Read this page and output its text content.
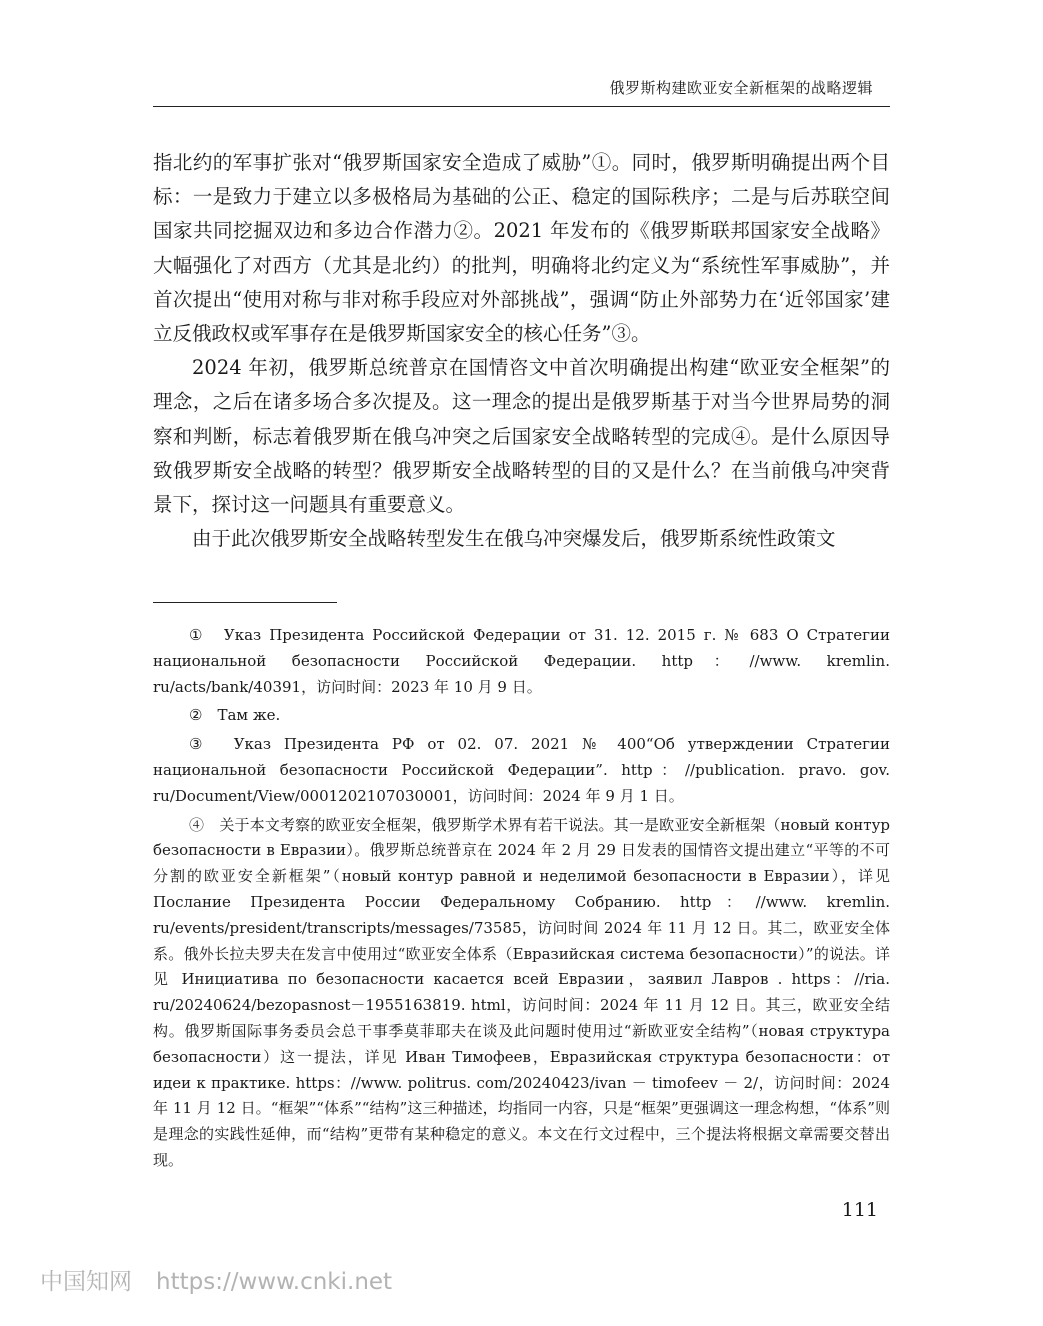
俄罗斯构建欧亚安全新框架的战略逻辑

指北约的军事扩张对“俄罗斯国家安全造成了威胁”①。同时，俄罗斯明确提出两个目标：一是致力于建立以多极格局为基础的公正、稳定的国际秩序；二是与后苏联空间国家共同挖掘双边和多边合作潜力②。2021 年发布的《俄罗斯联邦国家安全战略》大幅强化了对西方（尤其是北约）的批判，明确将北约定义为“系统性军事威胁”，并首次提出“使用对称与非对称手段应对外部挑战”，强调“防止外部势力在‘近邻国家’建立反俄政权或军事存在是俄罗斯国家安全的核心任务”③。

2024 年初，俄罗斯总统普京在国情咨文中首次明确提出构建“欧亚安全框架”的理念，之后在诸多场合多次提及。这一理念的提出是俄罗斯基于对当今世界局势的洞察和判断，标志着俄罗斯在俄乌冲突之后国家安全战略转型的完成④。是什么原因导致俄罗斯安全战略的转型？俄罗斯安全战略转型的目的又是什么？在当前俄乌冲突背景下，探讨这一问题具有重要意义。

由于此次俄罗斯安全战略转型发生在俄乌冲突爆发后，俄罗斯系统性政策文

①　Указ Президента Российской Федерации от 31. 12. 2015 г. № 683 О Стратегии национальной безопасности Российской Федерации. http：//www. kremlin. ru/acts/bank/40391，访问时间：2023 年 10 月 9 日。

②　Там же.

③　Указ Президента РФ от 02. 07. 2021 № 400“Об утверждении Стратегии национальной безопасности Российской Федерации”. http：//publication. pravo. gov. ru/Document/View/0001202107030001，访问时间：2024 年 9 月 1 日。

④　关于本文考察的欧亚安全框架，俄罗斯学术界有若干说法。其一是欧亚安全新框架（новый контур безопасности в Евразии）。俄罗斯总统普京在 2024 年 2 月 29 日发表的国情咨文提出建立“平等的不可分割的欧亚安全新框架”（новый контур равной и неделимой безопасности в Евразии），详见 Послание Президента России Федеральному Собранию. http：//www. kremlin. ru/events/president/transcripts/messages/73585，访问时间 2024 年 11 月 12 日。其二，欧亚安全体系。俄外长拉夫罗夫在发言中使用过“欧亚安全体系（Евразийская система безопасности）”的说法。详见 Инициатива по безопасности касается всей Евразии，заявил Лавров . https：//ria. ru/20240624/bezopasnost－1955163819. html，访问时间：2024 年 11 月 12 日。其三，欧亚安全结构。俄罗斯国际事务委员会总干事季莫菲耶夫在谈及此问题时使用过“新欧亚安全结构”（новая структура безопасности）这一提法，详见 Иван Тимофеев，Евразийская структура безопасности：от идеи к практике. https：//www. politrus. com/20240423/ivan － timofeev － 2/，访问时间：2024 年 11 月 12 日。“框架”“体系”“结构”这三种描述，均指同一内容，只是“框架”更强调这一理念构想，“体系”则是理念的实践性延伸，而“结构”更带有某种稳定的意义。本文在行文过程中，三个提法将根据文章需要交替出现。

111
中国知网 https://www.cnki.net
